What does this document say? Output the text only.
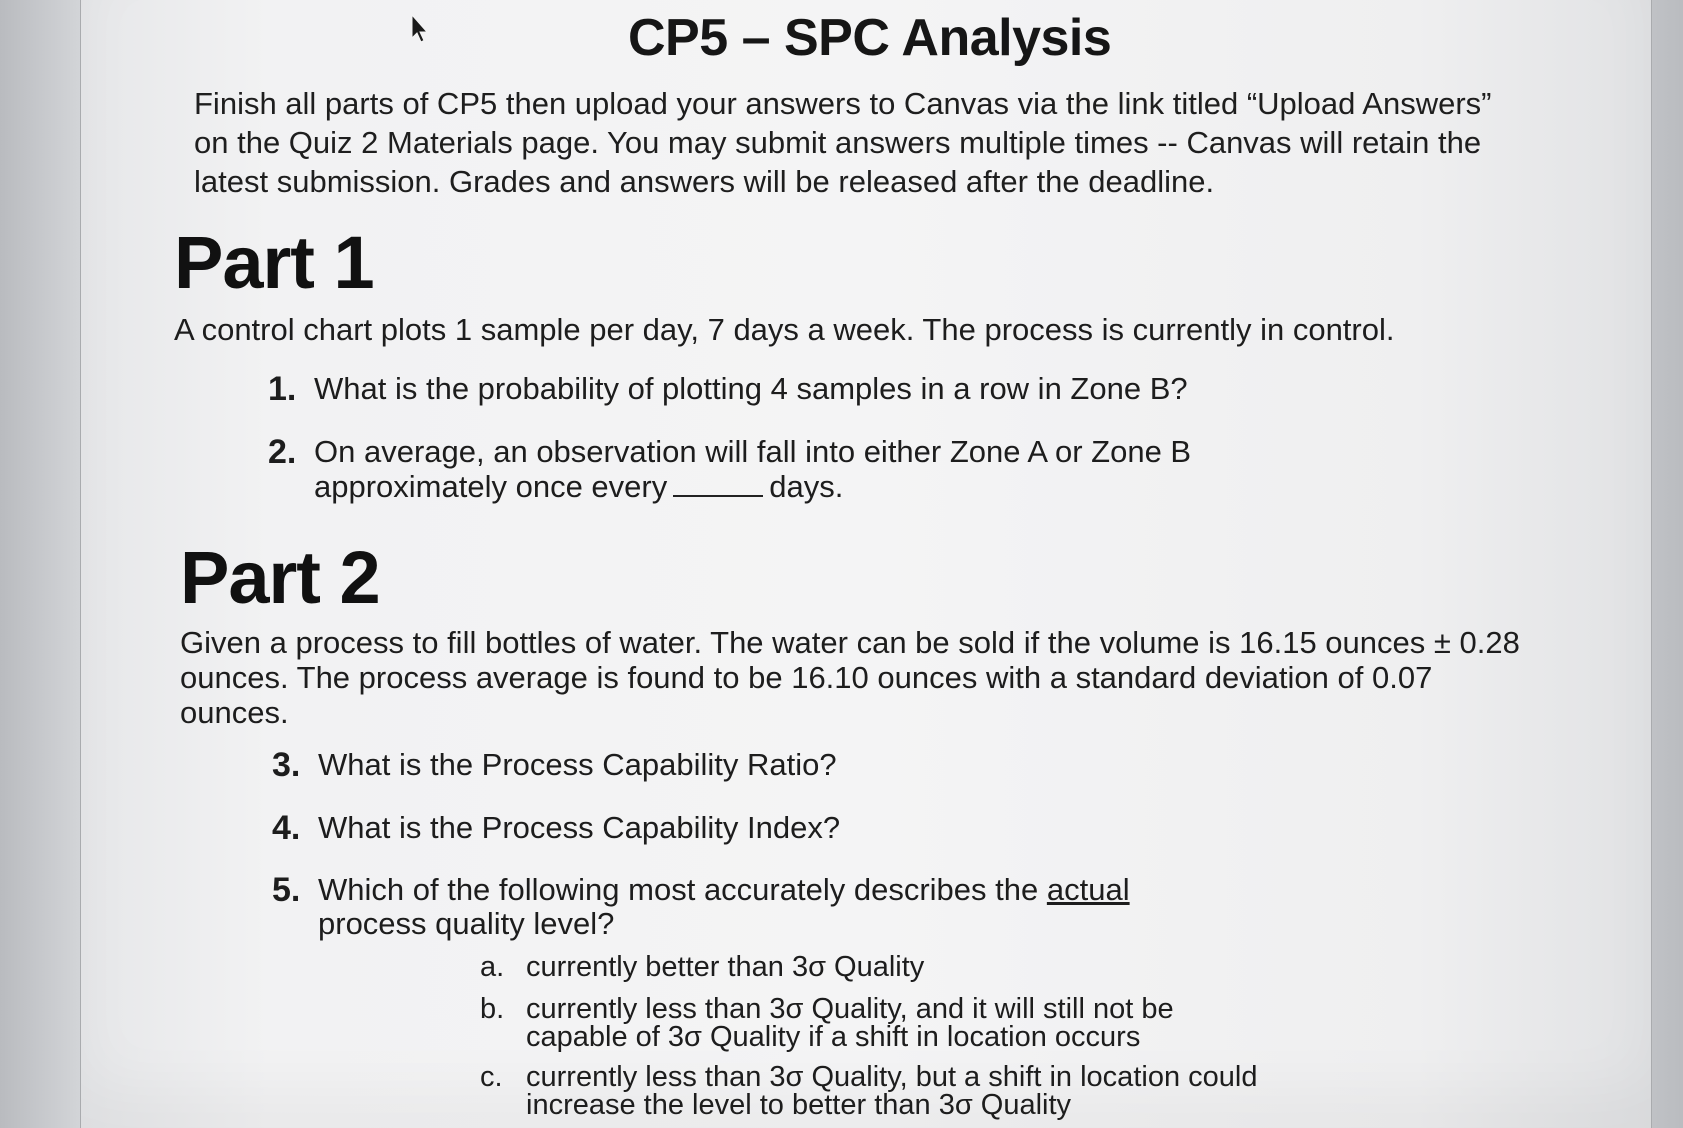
CP5 – SPC Analysis

Finish all parts of CP5 then upload your answers to Canvas via the link titled “Upload Answers” on the Quiz 2 Materials page. You may submit answers multiple times -- Canvas will retain the latest submission. Grades and answers will be released after the deadline.

Part 1

A control chart plots 1 sample per day, 7 days a week. The process is currently in control.

1. What is the probability of plotting 4 samples in a row in Zone B?
2. On average, an observation will fall into either Zone A or Zone B approximately once every	days.
Part 2

Given a process to fill bottles of water. The water can be sold if the volume is 16.15 ounces ± 0.28 ounces. The process average is found to be 16.10 ounces with a standard deviation of 0.07 ounces.

3. What is the Process Capability Ratio?
4. What is the Process Capability Index?
5. Which of the following most accurately describes the actual process quality level?
a. currently better than 3σ Quality
b. currently less than 3σ Quality, and it will still not be capable of 3σ Quality if a shift in location occurs
c. currently less than 3σ Quality, but a shift in location could increase the level to better than 3σ Quality
